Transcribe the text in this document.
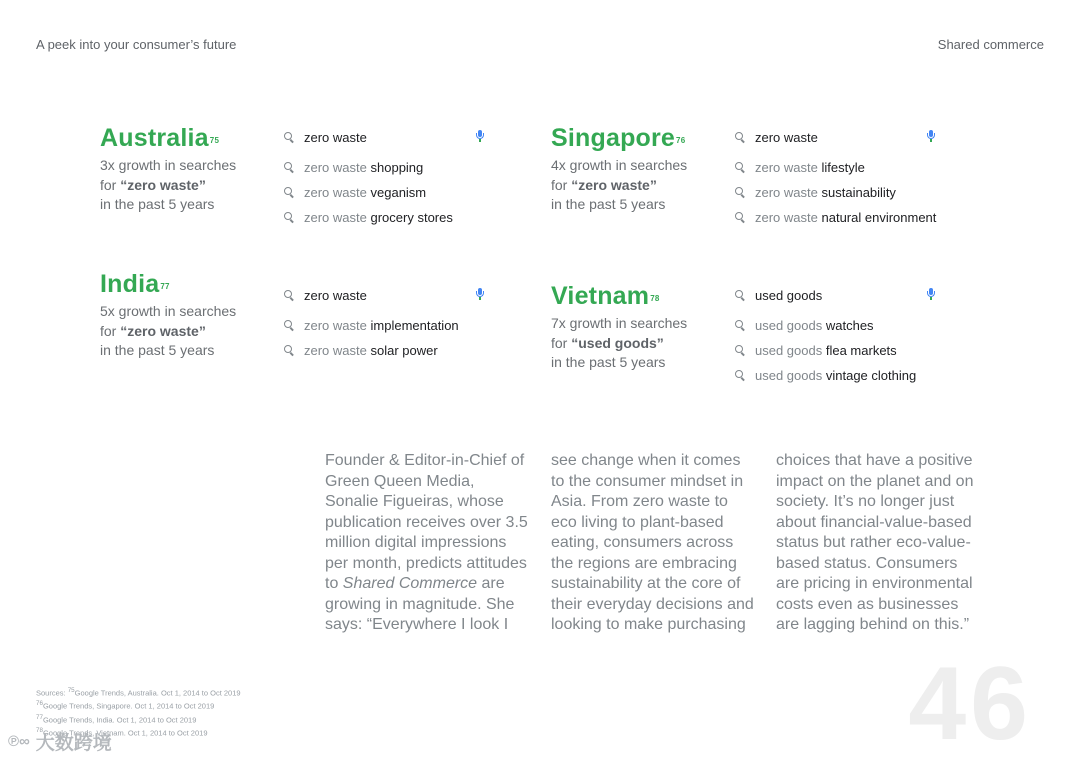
A peek into your consumer’s future	Shared commerce
Australia$^{75}$
3x growth in searches
for “zero waste”
in the past 5 years
zero waste
zero waste shopping
zero waste veganism
zero waste grocery stores
Singapore$^{76}$
4x growth in searches
for “zero waste”
in the past 5 years
zero waste
zero waste lifestyle
zero waste sustainability
zero waste natural environment
India$^{77}$
5x growth in searches
for “zero waste”
in the past 5 years
zero waste
zero waste implementation
zero waste solar power
Vietnam$^{78}$
7x growth in searches
for “used goods”
in the past 5 years
used goods
used goods watches
used goods flea markets
used goods vintage clothing
Founder & Editor-in-Chief of Green Queen Media, Sonalie Figueiras, whose publication receives over 3.5 million digital impressions per month, predicts attitudes to Shared Commerce are growing in magnitude. She says: “Everywhere I look I
see change when it comes to the consumer mindset in Asia. From zero waste to eco living to plant-based eating, consumers across the regions are embracing sustainability at the core of their everyday decisions and looking to make purchasing
choices that have a positive impact on the planet and on society. It’s no longer just about financial-value-based status but rather eco-value-based status. Consumers are pricing in environmental costs even as businesses are lagging behind on this.”
Sources: $^{75}$Google Trends, Australia. Oct 1, 2014 to Oct 2019
$^{76}$Google Trends, Singapore. Oct 1, 2014 to Oct 2019
$^{77}$Google Trends, India. Oct 1, 2014 to Oct 2019
$^{78}$Google Trends, Vietnam. Oct 1, 2014 to Oct 2019	46
℗∞ 大数跨境
